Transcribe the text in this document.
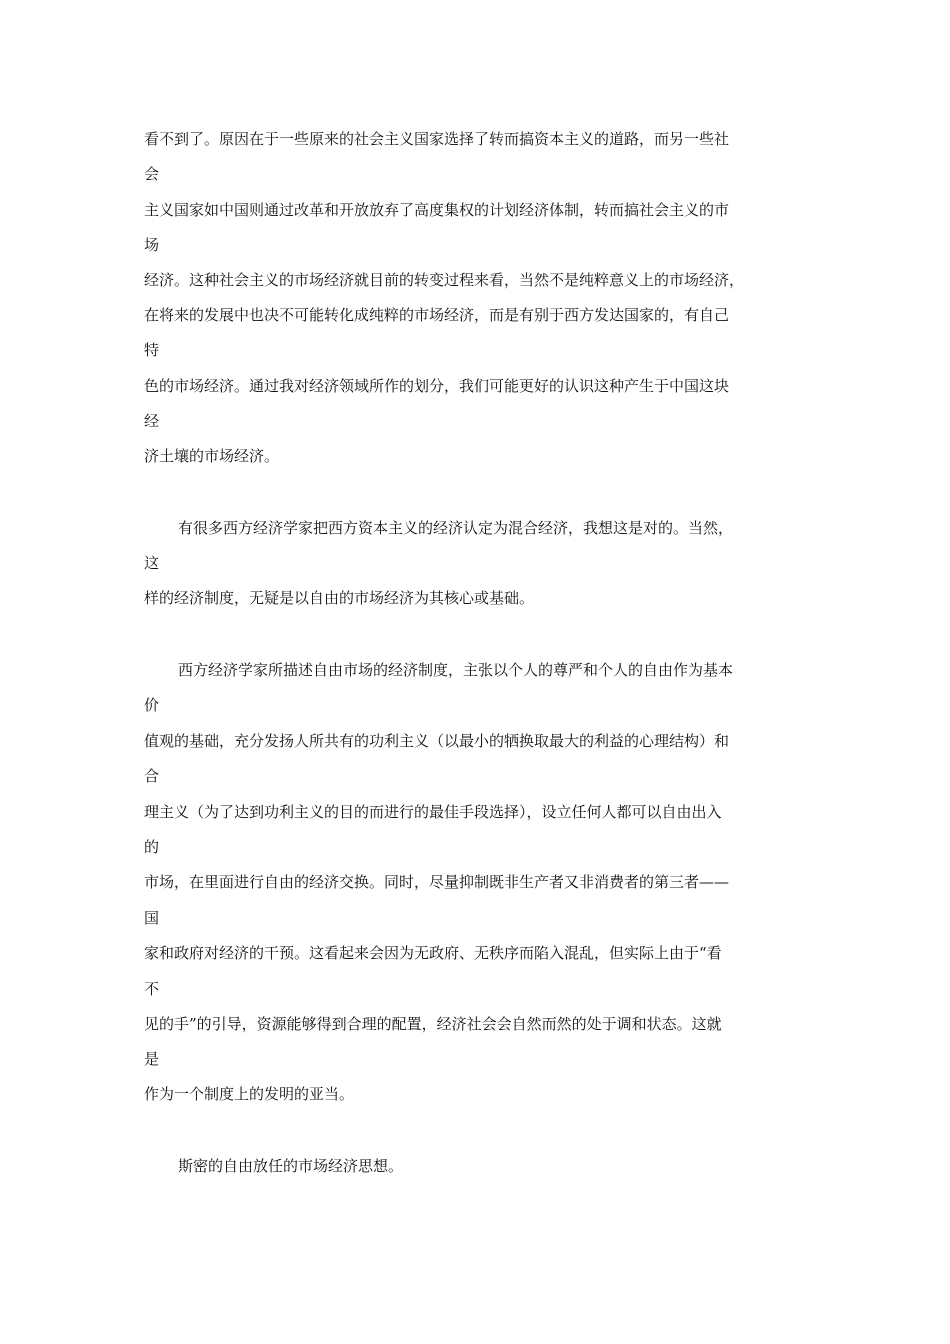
看不到了。原因在于一些原来的社会主义国家选择了转而搞资本主义的道路，而另一些社
会
主义国家如中国则通过改革和开放放弃了高度集权的计划经济体制，转而搞社会主义的市
场
经济。这种社会主义的市场经济就目前的转变过程来看，当然不是纯粹意义上的市场经济，
在将来的发展中也决不可能转化成纯粹的市场经济，而是有别于西方发达国家的，有自己
特
色的市场经济。通过我对经济领域所作的划分，我们可能更好的认识这种产生于中国这块
经
济土壤的市场经济。
有很多西方经济学家把西方资本主义的经济认定为混合经济，我想这是对的。当然，
这
样的经济制度，无疑是以自由的市场经济为其核心或基础。
西方经济学家所描述自由市场的经济制度，主张以个人的尊严和个人的自由作为基本
价
值观的基础，充分发扬人所共有的功利主义（以最小的牺换取最大的利益的心理结构）和
合
理主义（为了达到功利主义的目的而进行的最佳手段选择），设立任何人都可以自由出入
的
市场，在里面进行自由的经济交换。同时，尽量抑制既非生产者又非消费者的第三者——
国
家和政府对经济的干预。这看起来会因为无政府、无秩序而陷入混乱，但实际上由于“看
不
见的手”的引导，资源能够得到合理的配置，经济社会会自然而然的处于调和状态。这就
是
作为一个制度上的发明的亚当。
斯密的自由放任的市场经济思想。
